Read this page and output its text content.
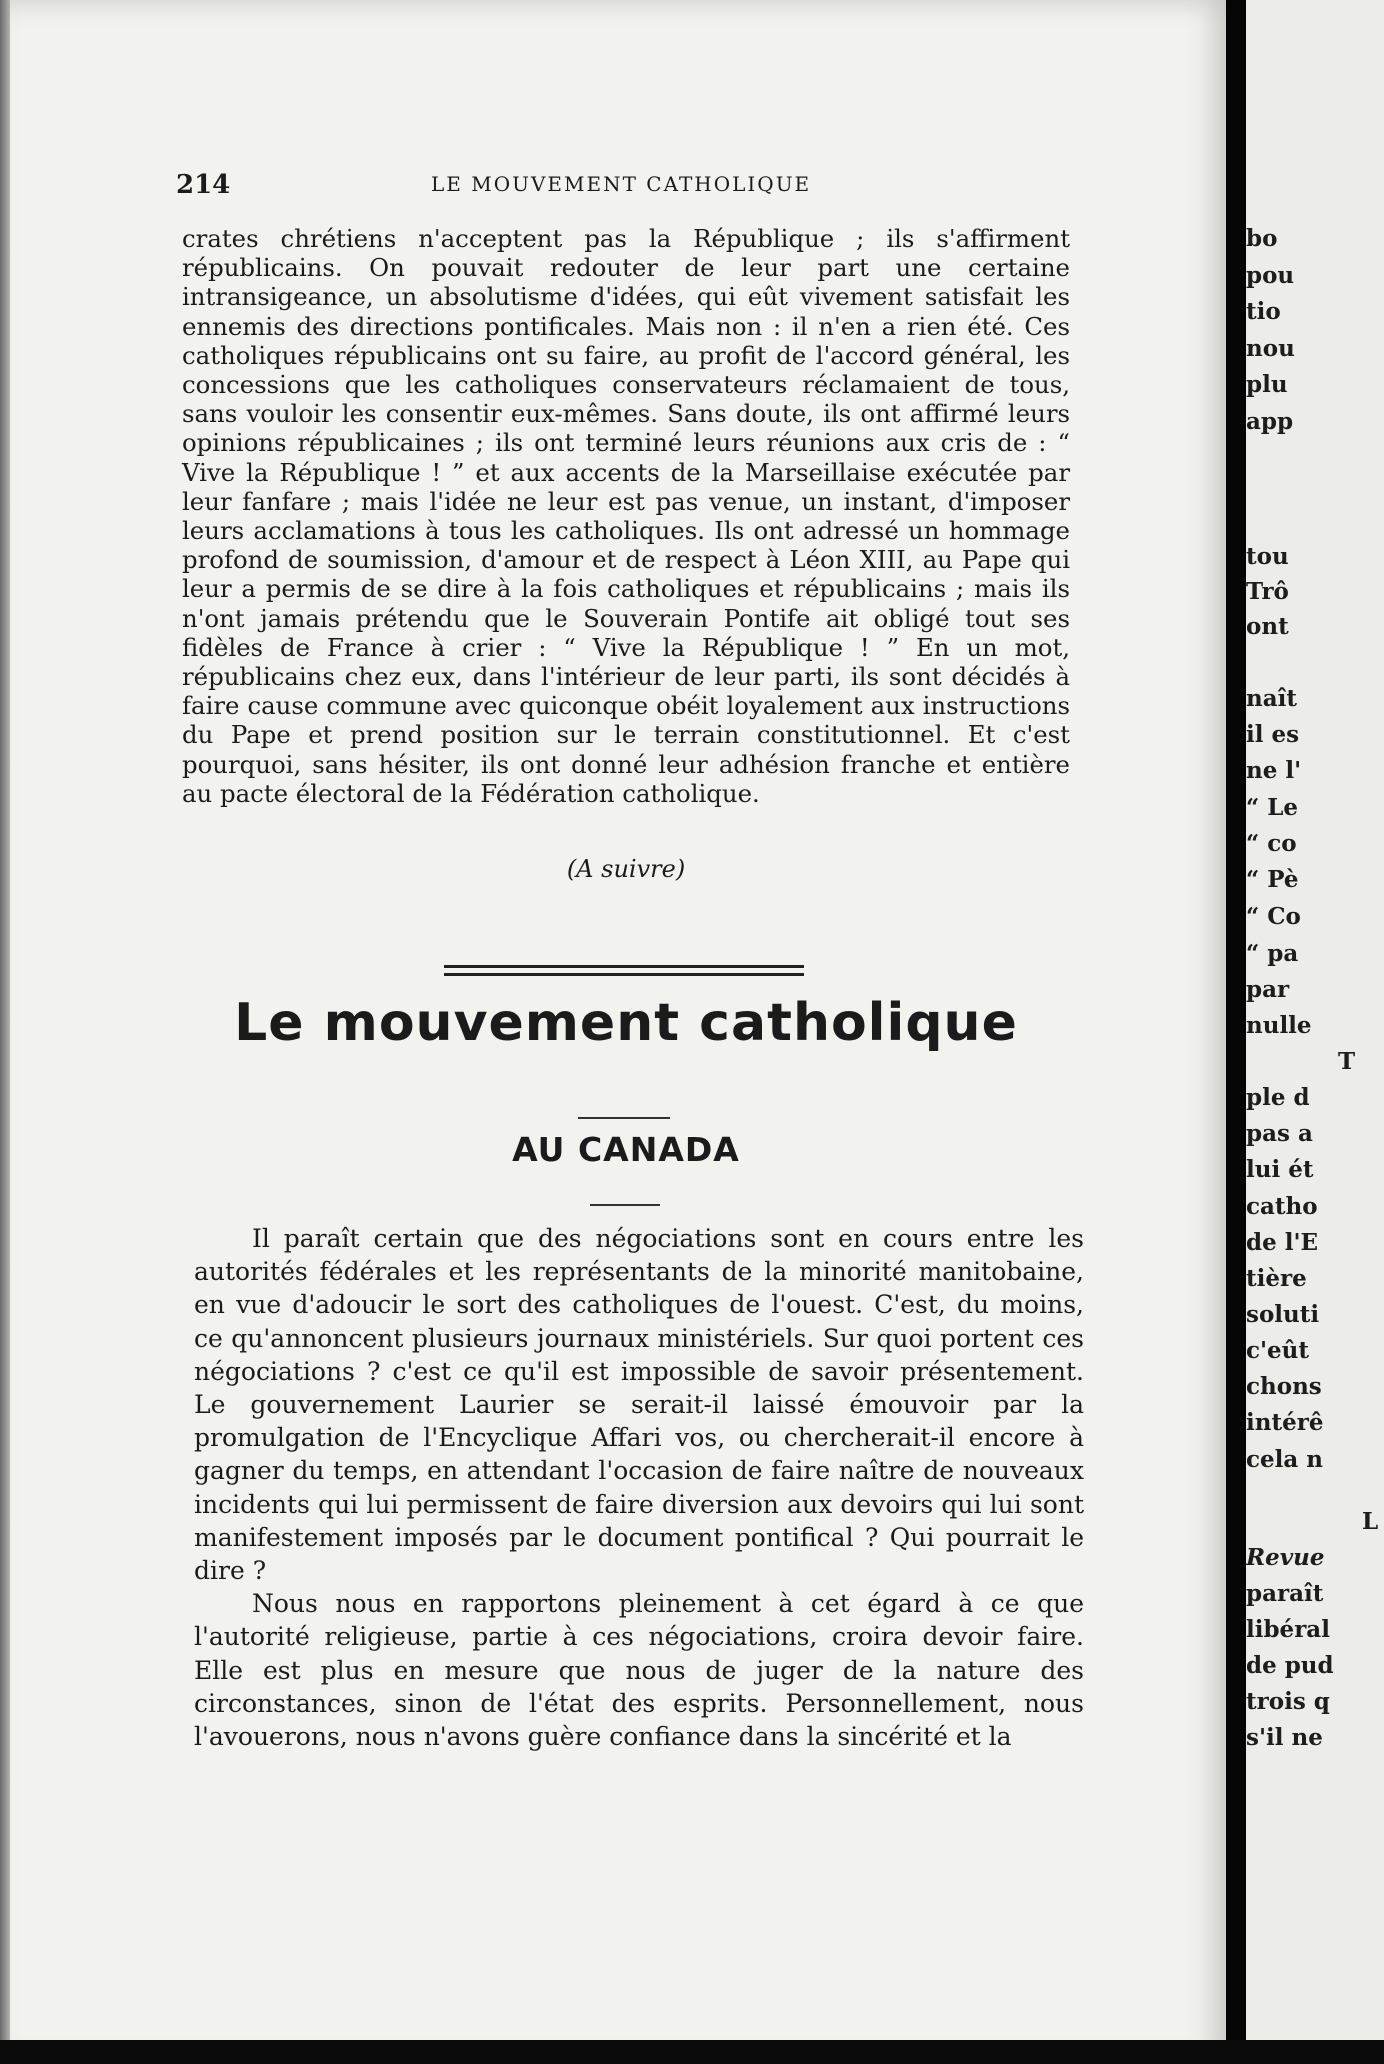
214	LE MOUVEMENT CATHOLIQUE

crates chrétiens n'acceptent pas la République ; ils s'affirment républicains. On pouvait redouter de leur part une certaine intransigeance, un absolutisme d'idées, qui eût vivement satisfait les ennemis des directions pontificales. Mais non : il n'en a rien été. Ces catholiques républicains ont su faire, au profit de l'accord général, les concessions que les catholiques conservateurs réclamaient de tous, sans vouloir les consentir eux-mêmes. Sans doute, ils ont affirmé leurs opinions républicaines ; ils ont terminé leurs réunions aux cris de : “ Vive la République ! ” et aux accents de la Marseillaise exécutée par leur fanfare ; mais l'idée ne leur est pas venue, un instant, d'imposer leurs acclamations à tous les catholiques. Ils ont adressé un hommage profond de soumission, d'amour et de respect à Léon XIII, au Pape qui leur a permis de se dire à la fois catholiques et républicains ; mais ils n'ont jamais prétendu que le Souverain Pontife ait obligé tout ses fidèles de France à crier : “ Vive la République ! ” En un mot, républicains chez eux, dans l'intérieur de leur parti, ils sont décidés à faire cause commune avec quiconque obéit loyalement aux instructions du Pape et prend position sur le terrain constitutionnel. Et c'est pourquoi, sans hésiter, ils ont donné leur adhésion franche et entière au pacte électoral de la Fédération catholique.

(A suivre)
Le mouvement catholique
AU CANADA

Il paraît certain que des négociations sont en cours entre les autorités fédérales et les représentants de la minorité manitobaine, en vue d'adoucir le sort des catholiques de l'ouest. C'est, du moins, ce qu'annoncent plusieurs journaux ministériels. Sur quoi portent ces négociations ? c'est ce qu'il est impossible de savoir présentement. Le gouvernement Laurier se serait-il laissé émouvoir par la promulgation de l'Encyclique Affari vos, ou chercherait-il encore à gagner du temps, en attendant l'occasion de faire naître de nouveaux incidents qui lui permissent de faire diversion aux devoirs qui lui sont manifestement imposés par le document pontifical ? Qui pourrait le dire ?

Nous nous en rapportons pleinement à cet égard à ce que l'autorité religieuse, partie à ces négociations, croira devoir faire. Elle est plus en mesure que nous de juger de la nature des circonstances, sinon de l'état des esprits. Personnellement, nous l'avouerons, nous n'avons guère confiance dans la sincérité et la

bo
pou
tio
nou
plu
app
tou
Trô
ont
naît
il es
ne l'
“ Le
“ co
“ Pè
“ Co
“ pa
par
nulle
T
ple d
pas a
lui ét
catho
de l'E
tière
soluti
c'eût
chons
intérê
cela n
L
Revue
paraît
libéral
de pud
trois q
s'il ne
